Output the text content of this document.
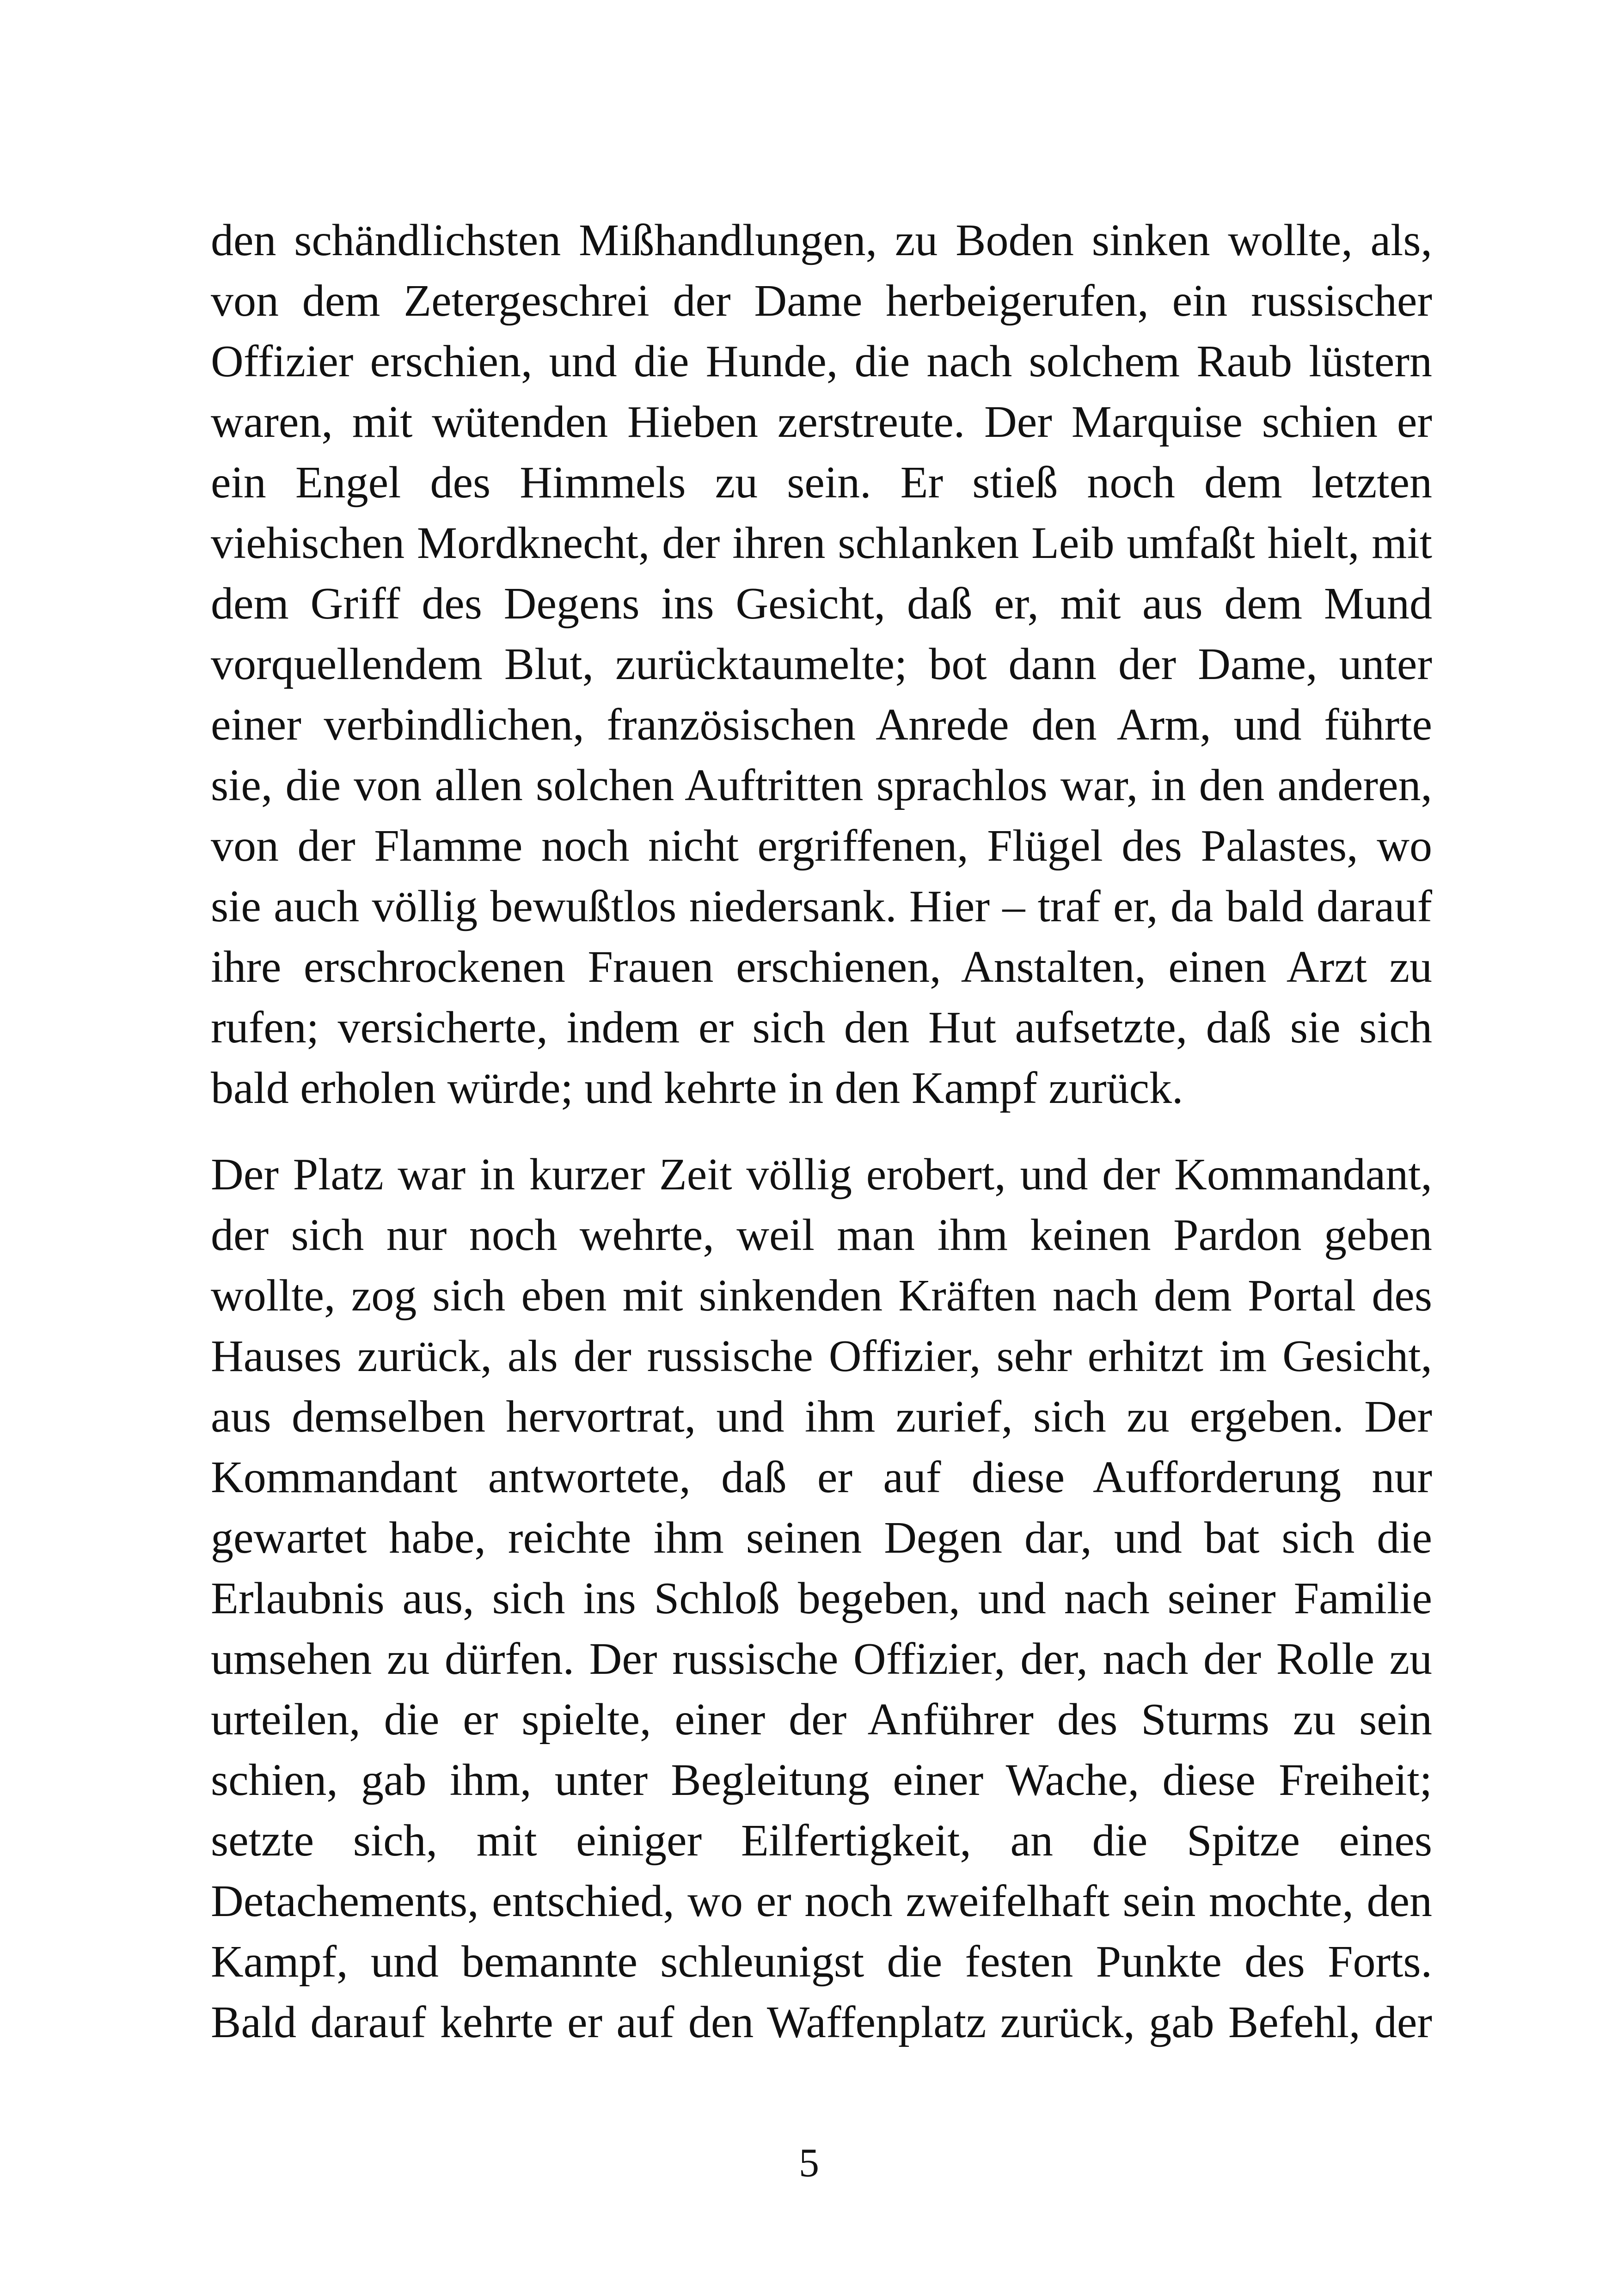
den schändlichsten Mißhandlungen, zu Boden sinken wollte, als,
von dem Zetergeschrei der Dame herbeigerufen, ein russischer
Offizier erschien, und die Hunde, die nach solchem Raub lüstern
waren, mit wütenden Hieben zerstreute. Der Marquise schien er
ein Engel des Himmels zu sein. Er stieß noch dem letzten
viehischen Mordknecht, der ihren schlanken Leib umfaßt hielt, mit
dem Griff des Degens ins Gesicht, daß er, mit aus dem Mund
vorquellendem Blut, zurücktaumelte; bot dann der Dame, unter
einer verbindlichen, französischen Anrede den Arm, und führte
sie, die von allen solchen Auftritten sprachlos war, in den anderen,
von der Flamme noch nicht ergriffenen, Flügel des Palastes, wo
sie auch völlig bewußtlos niedersank. Hier – traf er, da bald darauf
ihre erschrockenen Frauen erschienen, Anstalten, einen Arzt zu
rufen; versicherte, indem er sich den Hut aufsetzte, daß sie sich
bald erholen würde; und kehrte in den Kampf zurück.
Der Platz war in kurzer Zeit völlig erobert, und der Kommandant,
der sich nur noch wehrte, weil man ihm keinen Pardon geben
wollte, zog sich eben mit sinkenden Kräften nach dem Portal des
Hauses zurück, als der russische Offizier, sehr erhitzt im Gesicht,
aus demselben hervortrat, und ihm zurief, sich zu ergeben. Der
Kommandant antwortete, daß er auf diese Aufforderung nur
gewartet habe, reichte ihm seinen Degen dar, und bat sich die
Erlaubnis aus, sich ins Schloß begeben, und nach seiner Familie
umsehen zu dürfen. Der russische Offizier, der, nach der Rolle zu
urteilen, die er spielte, einer der Anführer des Sturms zu sein
schien, gab ihm, unter Begleitung einer Wache, diese Freiheit;
setzte sich, mit einiger Eilfertigkeit, an die Spitze eines
Detachements, entschied, wo er noch zweifelhaft sein mochte, den
Kampf, und bemannte schleunigst die festen Punkte des Forts.
Bald darauf kehrte er auf den Waffenplatz zurück, gab Befehl, der
5
